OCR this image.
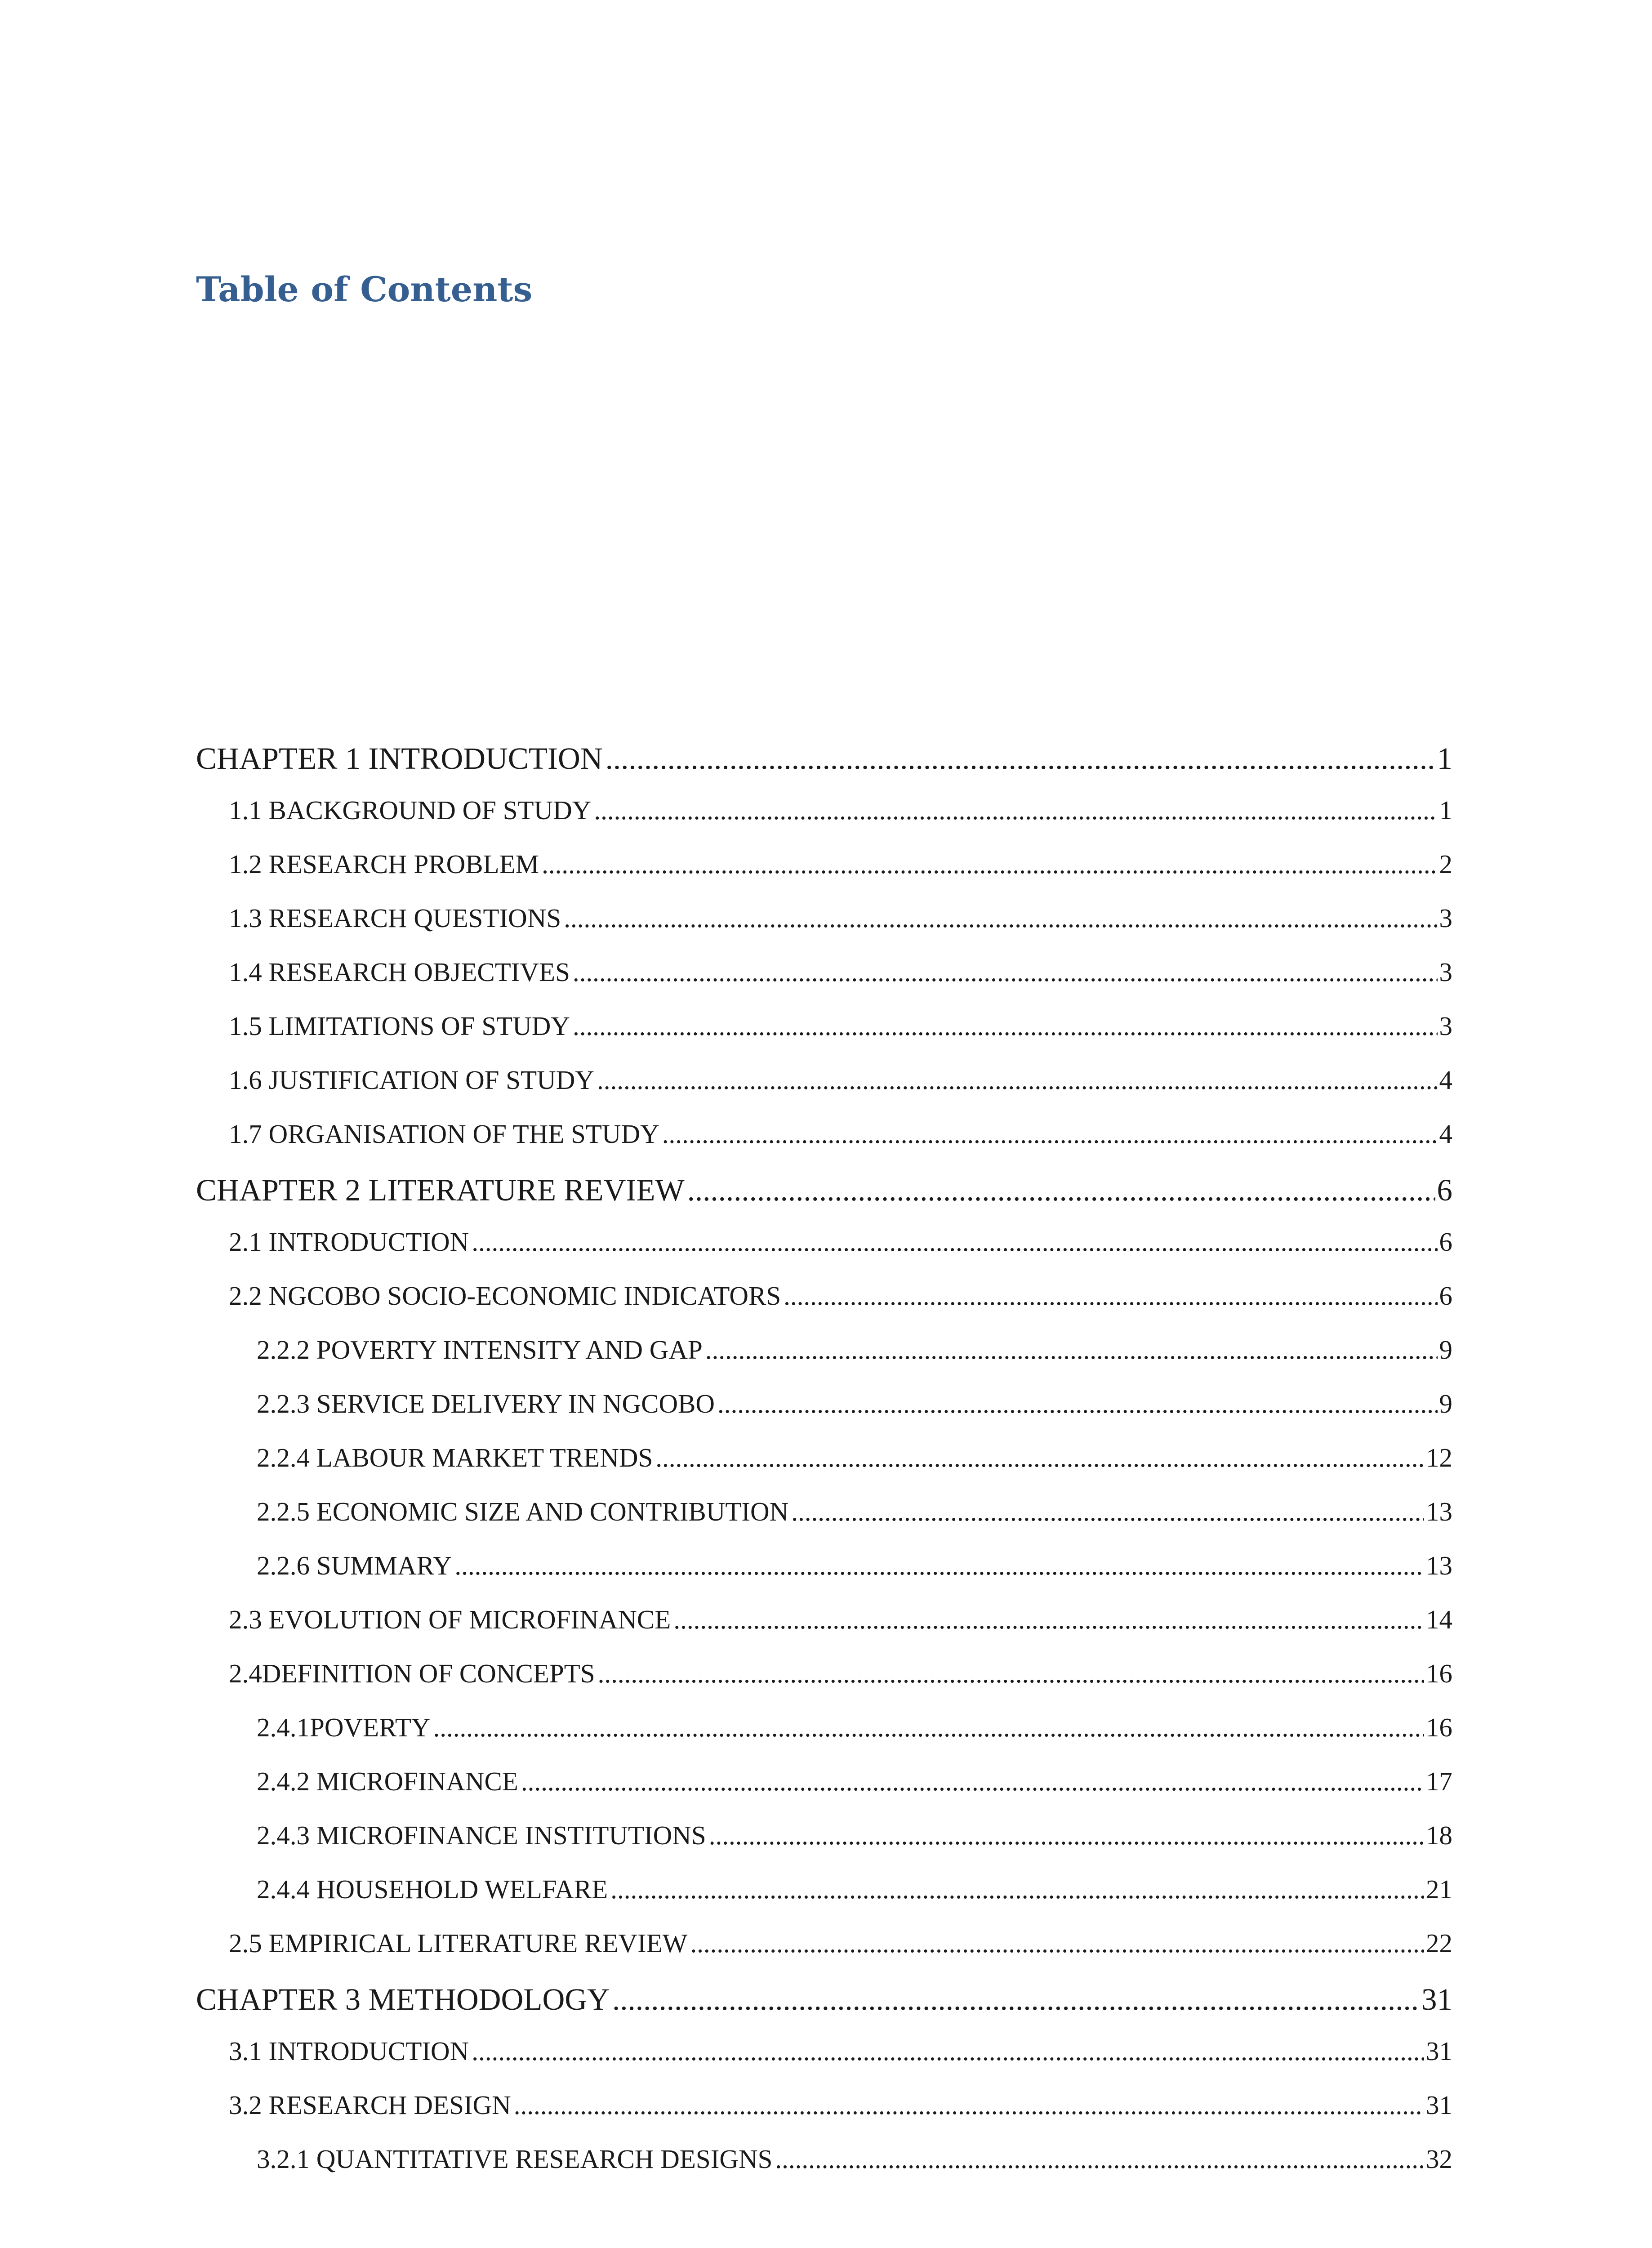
Table of Contents
CHAPTER 1 INTRODUCTION .....	1
1.1 BACKGROUND OF STUDY .....	1
1.2 RESEARCH PROBLEM .....	2
1.3 RESEARCH QUESTIONS .....	3
1.4 RESEARCH OBJECTIVES .....	3
1.5 LIMITATIONS OF STUDY .....	3
1.6 JUSTIFICATION OF STUDY .....	4
1.7 ORGANISATION OF THE STUDY .....	4
CHAPTER 2 LITERATURE REVIEW .....	6
2.1 INTRODUCTION .....	6
2.2 NGCOBO SOCIO-ECONOMIC INDICATORS .....	6
2.2.2 POVERTY INTENSITY AND GAP .....	9
2.2.3 SERVICE DELIVERY IN NGCOBO .....	9
2.2.4 LABOUR MARKET TRENDS .....	12
2.2.5 ECONOMIC SIZE AND CONTRIBUTION .....	13
2.2.6 SUMMARY .....	13
2.3 EVOLUTION OF MICROFINANCE .....	14
2.4DEFINITION OF CONCEPTS .....	16
2.4.1POVERTY .....	16
2.4.2 MICROFINANCE .....	17
2.4.3 MICROFINANCE INSTITUTIONS .....	18
2.4.4 HOUSEHOLD WELFARE .....	21
2.5 EMPIRICAL LITERATURE REVIEW .....	22
CHAPTER 3 METHODOLOGY .....	31
3.1 INTRODUCTION .....	31
3.2 RESEARCH DESIGN .....	31
3.2.1 QUANTITATIVE RESEARCH DESIGNS .....	32
